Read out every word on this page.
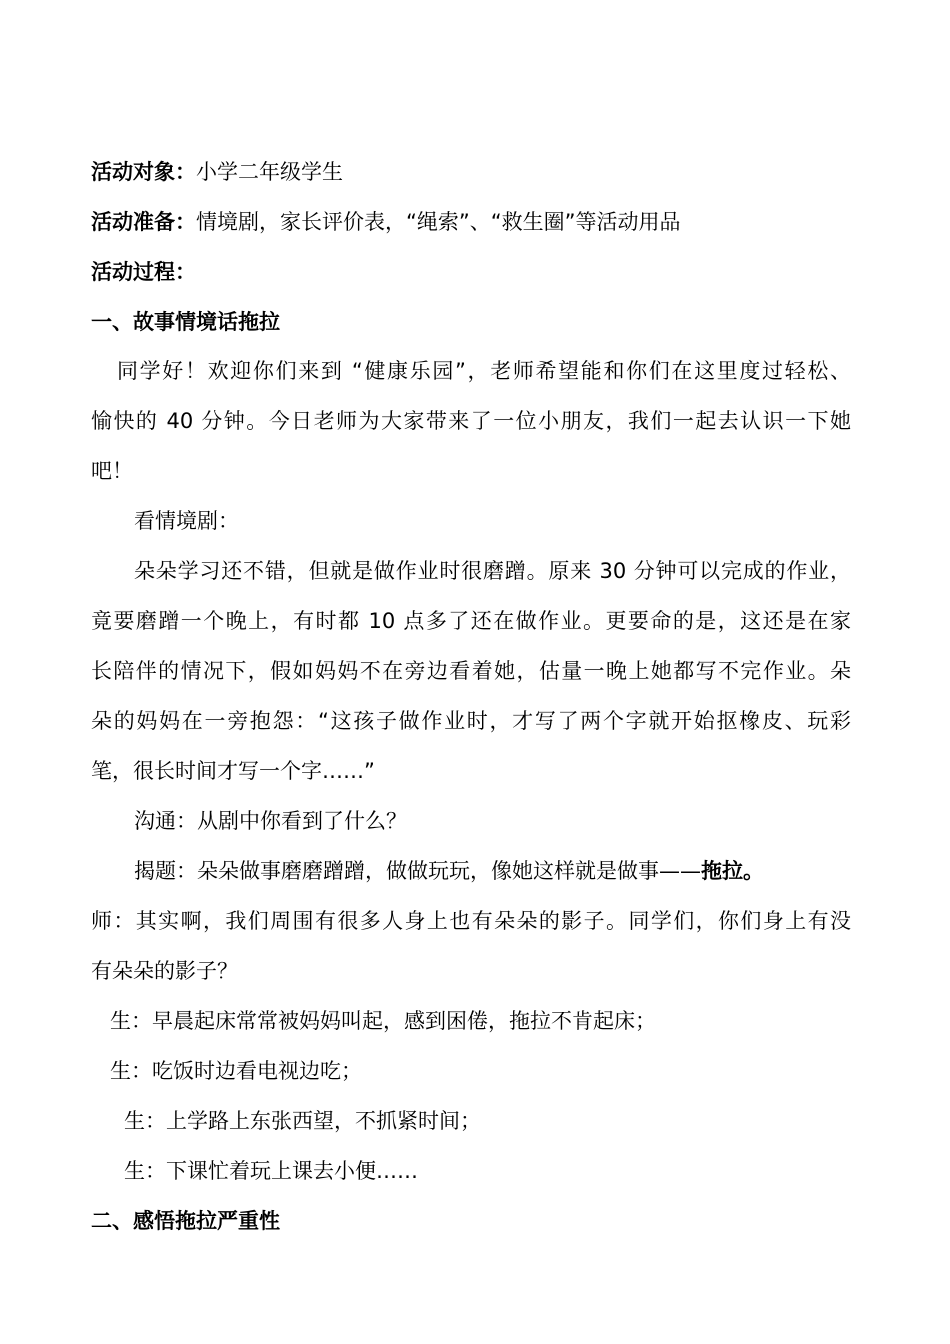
活动对象：小学二年级学生
活动准备：情境剧，家长评价表，“绳索”、“救生圈”等活动用品
活动过程：
一、故事情境话拖拉
同学好！欢迎你们来到 “健康乐园”，老师希望能和你们在这里度过轻松、
愉快的 40 分钟。今日老师为大家带来了一位小朋友，我们一起去认识一下她
吧！
看情境剧：
朵朵学习还不错，但就是做作业时很磨蹭。原来 30 分钟可以完成的作业，
竟要磨蹭一个晚上，有时都 10 点多了还在做作业。更要命的是，这还是在家
长陪伴的情况下，假如妈妈不在旁边看着她，估量一晚上她都写不完作业。朵
朵的妈妈在一旁抱怨：“这孩子做作业时，才写了两个字就开始抠橡皮、玩彩
笔，很长时间才写一个字……”
沟通：从剧中你看到了什么？
揭题：朵朵做事磨磨蹭蹭，做做玩玩，像她这样就是做事——拖拉。
师：其实啊，我们周围有很多人身上也有朵朵的影子。同学们，你们身上有没
有朵朵的影子？
生：早晨起床常常被妈妈叫起，感到困倦，拖拉不肯起床；
生：吃饭时边看电视边吃；
生：上学路上东张西望，不抓紧时间；
生：下课忙着玩上课去小便……
二、感悟拖拉严重性
